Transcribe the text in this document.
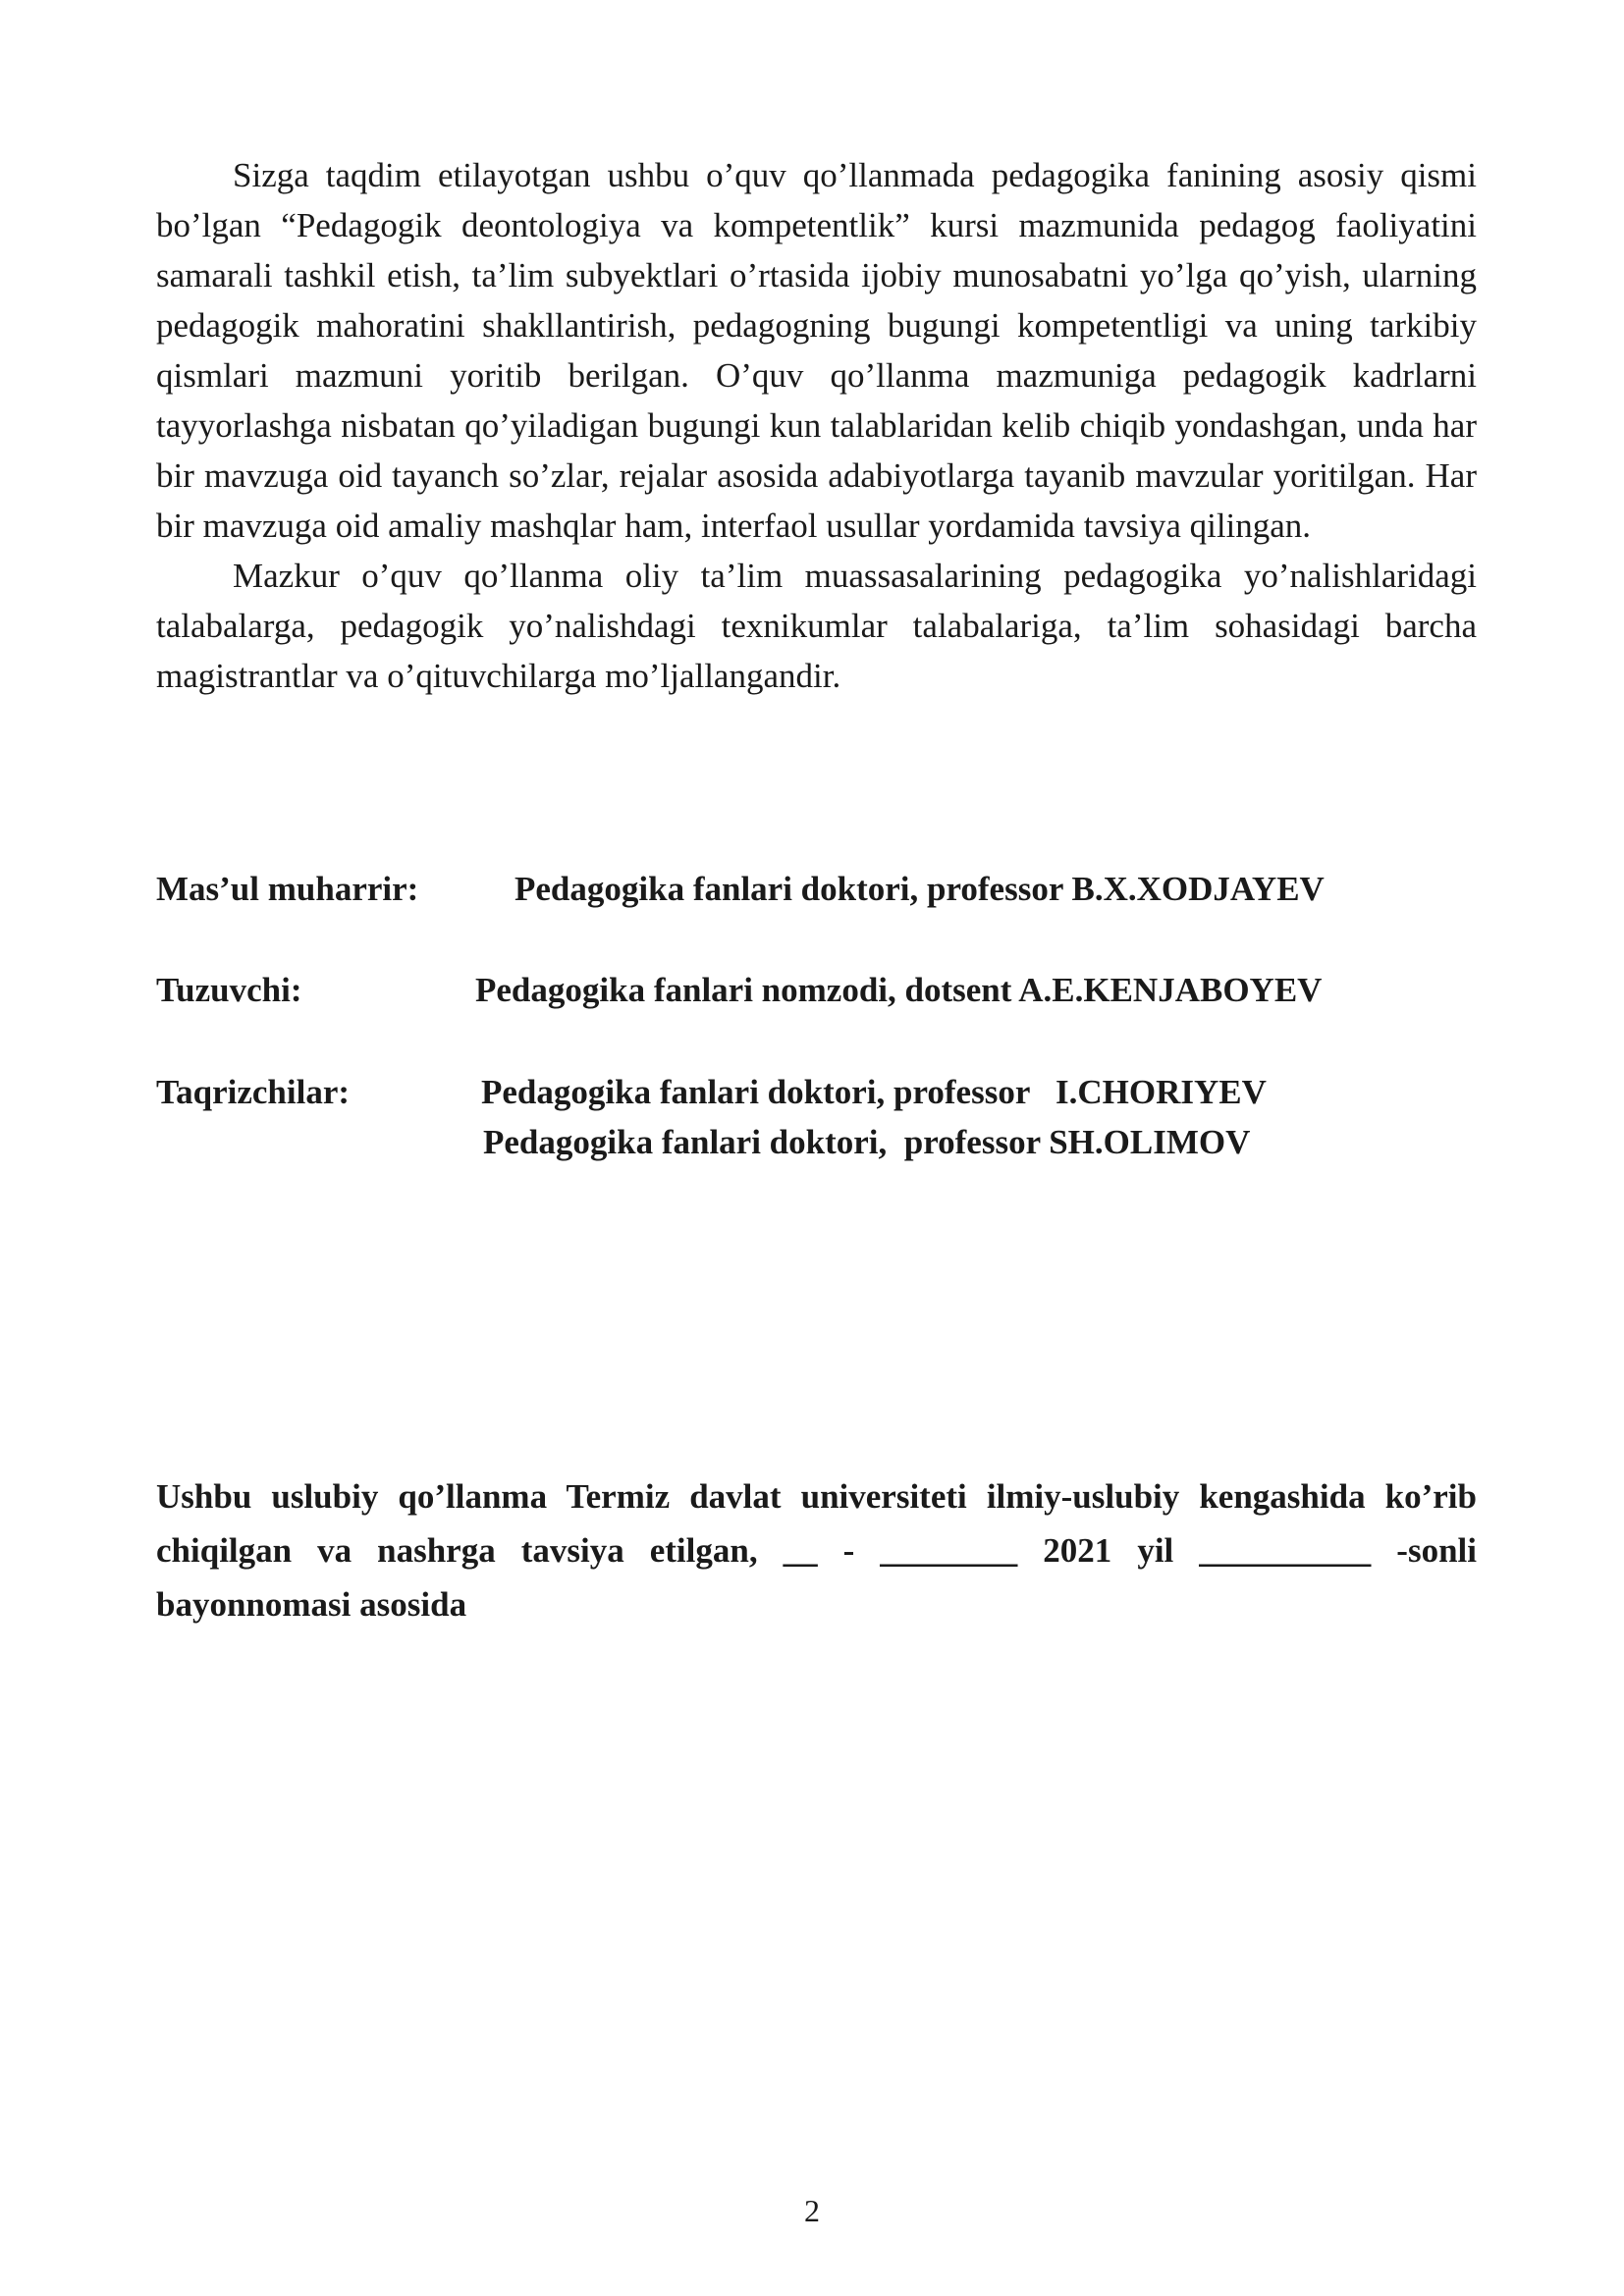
Sizga taqdim etilayotgan ushbu o’quv qo’llanmada pedagogika fanining asosiy qismi bo’lgan “Pedagogik deontologiya va kompetentlik” kursi mazmunida pedagog faoliyatini samarali tashkil etish, ta’lim subyektlari o’rtasida ijobiy munosabatni yo’lga qo’yish, ularning pedagogik mahoratini shakllantirish, pedagogning bugungi kompetentligi va uning tarkibiy qismlari mazmuni yoritib berilgan. O’quv qo’llanma mazmuniga pedagogik kadrlarni tayyorlashga nisbatan qo’yiladigan bugungi kun talablaridan kelib chiqib yondashgan, unda har bir mavzuga oid tayanch so’zlar, rejalar asosida adabiyotlarga tayanib mavzular yoritilgan. Har bir mavzuga oid amaliy mashqlar ham, interfaol usullar yordamida tavsiya qilingan.

Mazkur o’quv qo’llanma oliy ta’lim muassasalarining pedagogika yo’nalishlaridagi talabalarga, pedagogik yo’nalishdagi texnikumlar talabalariga, ta’lim sohasidagi barcha magistrantlar va o’qituvchilarga mo’ljallangandir.

Mas’ul muharrir:	Pedagogika fanlari doktori, professor B.X.XODJAYEV
Tuzuvchi:	Pedagogika fanlari nomzodi, dotsent A.E.KENJABOYEV
Taqrizchilar:	Pedagogika fanlari doktori, professor   I.CHORIYEV
Pedagogika fanlari doktori,  professor SH.OLIMOV

Ushbu uslubiy qo’llanma Termiz davlat universiteti ilmiy-uslubiy kengashida ko’rib chiqilgan va nashrga tavsiya etilgan, __ - ________ 2021 yil __________ -sonli bayonnomasi asosida

2
